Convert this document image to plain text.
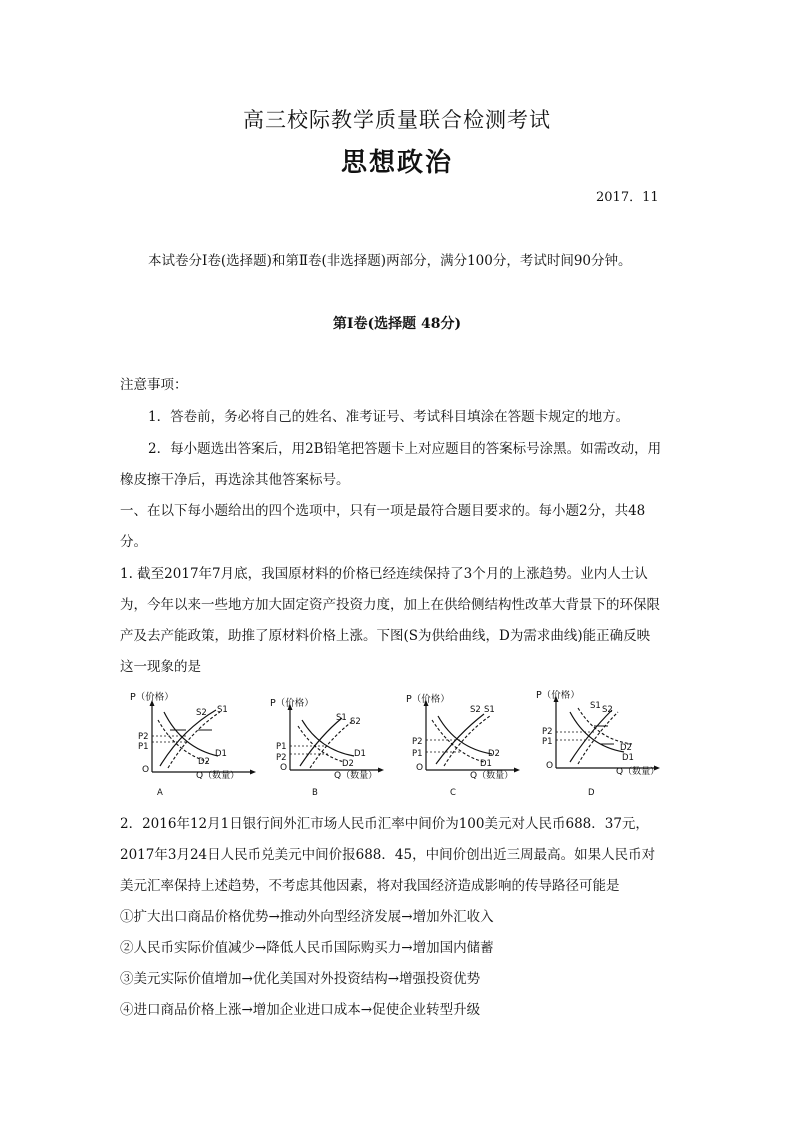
高三校际教学质量联合检测考试
思想政治
2017．11
本试卷分Ⅰ卷(选择题)和第Ⅱ卷(非选择题)两部分，满分100分，考试时间90分钟。
第Ⅰ卷(选择题 48分)
注意事项：
1．答卷前，务必将自己的姓名、准考证号、考试科目填涂在答题卡规定的地方。
2．每小题选出答案后，用2B铅笔把答题卡上对应题目的答案标号涂黑。如需改动，用
橡皮擦干净后，再选涂其他答案标号。
一、在以下每小题给出的四个选项中，只有一项是最符合题目要求的。每小题2分，共48
分。
1. 截至2017年7月底，我国原材料的价格已经连续保持了3个月的上涨趋势。业内人士认
为，今年以来一些地方加大固定资产投资力度，加上在供给侧结构性改革大背景下的环保限
产及去产能政策，助推了原材料价格上涨。下图(S为供给曲线，D为需求曲线)能正确反映
这一现象的是
P（价格）
Q（数量）
O
S2 S1
D1
D2
P2
P1
A
P（价格）
Q（数量）
O
S1 S2
D1
D2
P1
P2
B
P（价格）
Q（数量）
O
S2 S1
D2
D1
P2
P1
C
P（价格）
Q（数量）
O
S1 S2
D2
D1
P2
P1
D
2．2016年12月1日银行间外汇市场人民币汇率中间价为100美元对人民币688．37元，
2017年3月24日人民币兑美元中间价报688．45，中间价创出近三周最高。如果人民币对
美元汇率保持上述趋势，不考虑其他因素，将对我国经济造成影响的传导路径可能是
①扩大出口商品价格优势→推动外向型经济发展→增加外汇收入
②人民币实际价值减少→降低人民币国际购买力→增加国内储蓄
③美元实际价值增加→优化美国对外投资结构→增强投资优势
④进口商品价格上涨→增加企业进口成本→促使企业转型升级
